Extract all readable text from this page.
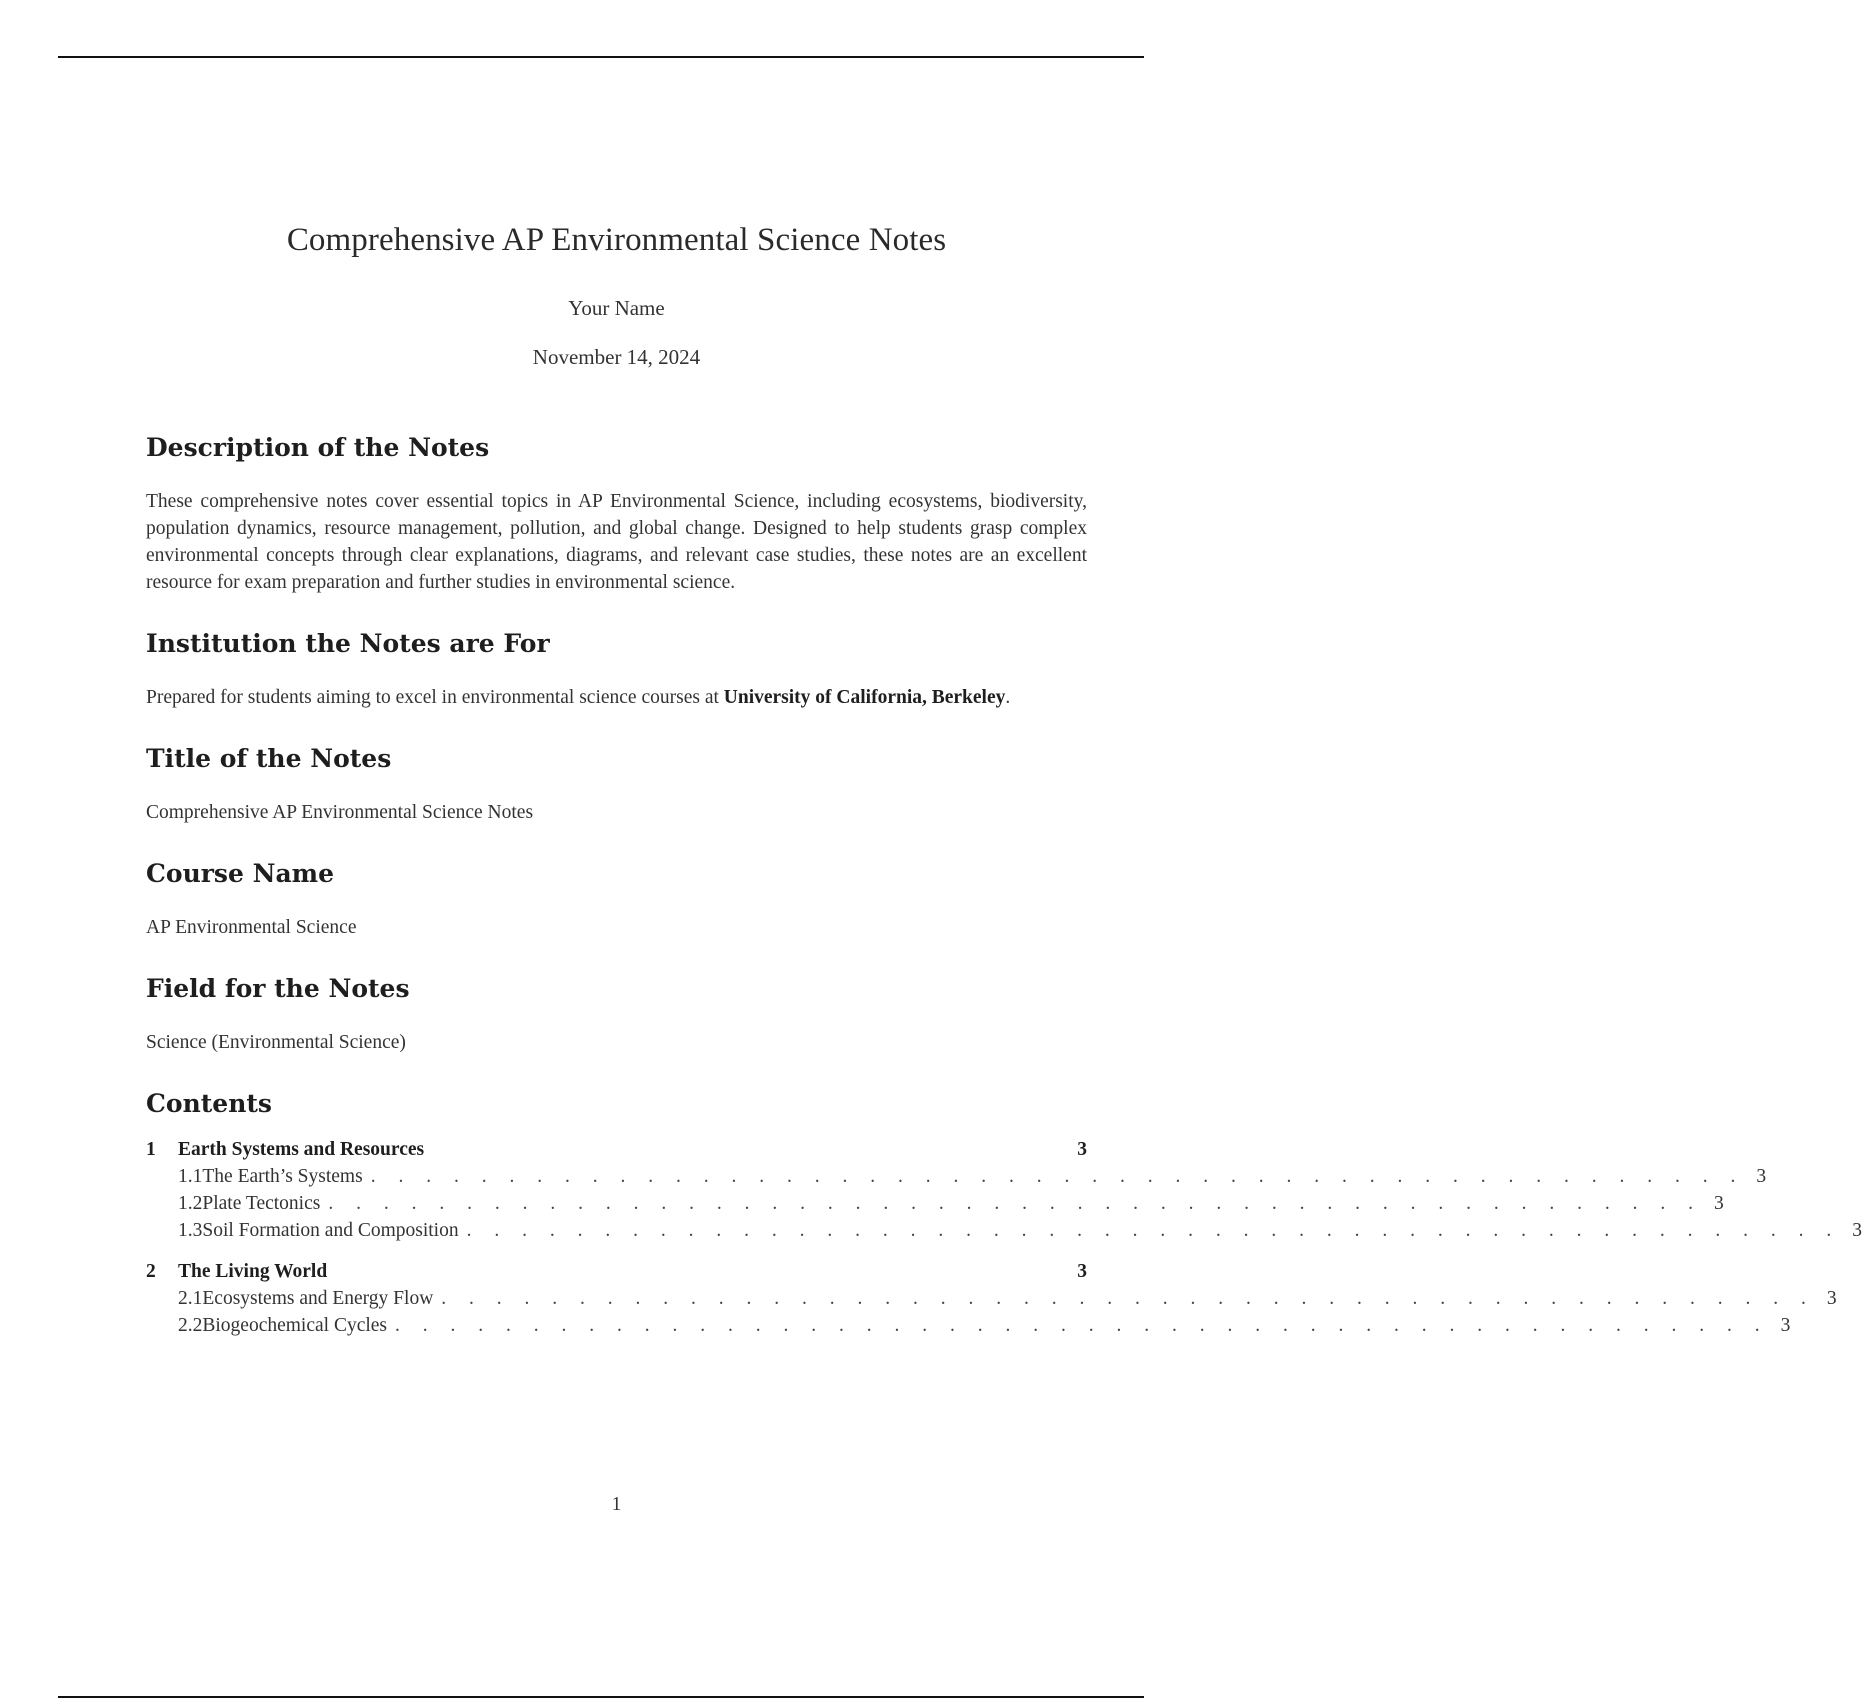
Comprehensive AP Environmental Science Notes
Your Name
November 14, 2024
Description of the Notes

These comprehensive notes cover essential topics in AP Environmental Science, including ecosystems, biodiversity, population dynamics, resource management, pollution, and global change. Designed to help students grasp complex environmental concepts through clear explanations, diagrams, and relevant case studies, these notes are an excellent resource for exam preparation and further studies in environmental science.

Institution the Notes are For

Prepared for students aiming to excel in environmental science courses at University of California, Berkeley.

Title of the Notes

Comprehensive AP Environmental Science Notes

Course Name

AP Environmental Science

Field for the Notes

Science (Environmental Science)

Contents
1	Earth Systems and Resources	3
1.1 The Earth’s Systems . . . . . . . . . . . . . . . . . . . . . . . . . . . . . . . . . . . . . . . . . . . . . . . . . . 3
1.2 Plate Tectonics . . . . . . . . . . . . . . . . . . . . . . . . . . . . . . . . . . . . . . . . . . . . . . . . . . 3
1.3 Soil Formation and Composition . . . . . . . . . . . . . . . . . . . . . . . . . . . . . . . . . . . . . . . . . . . . . . . . . . 3
2	The Living World	3
2.1 Ecosystems and Energy Flow . . . . . . . . . . . . . . . . . . . . . . . . . . . . . . . . . . . . . . . . . . . . . . . . . . 3
2.2 Biogeochemical Cycles . . . . . . . . . . . . . . . . . . . . . . . . . . . . . . . . . . . . . . . . . . . . . . . . . . 3
1
